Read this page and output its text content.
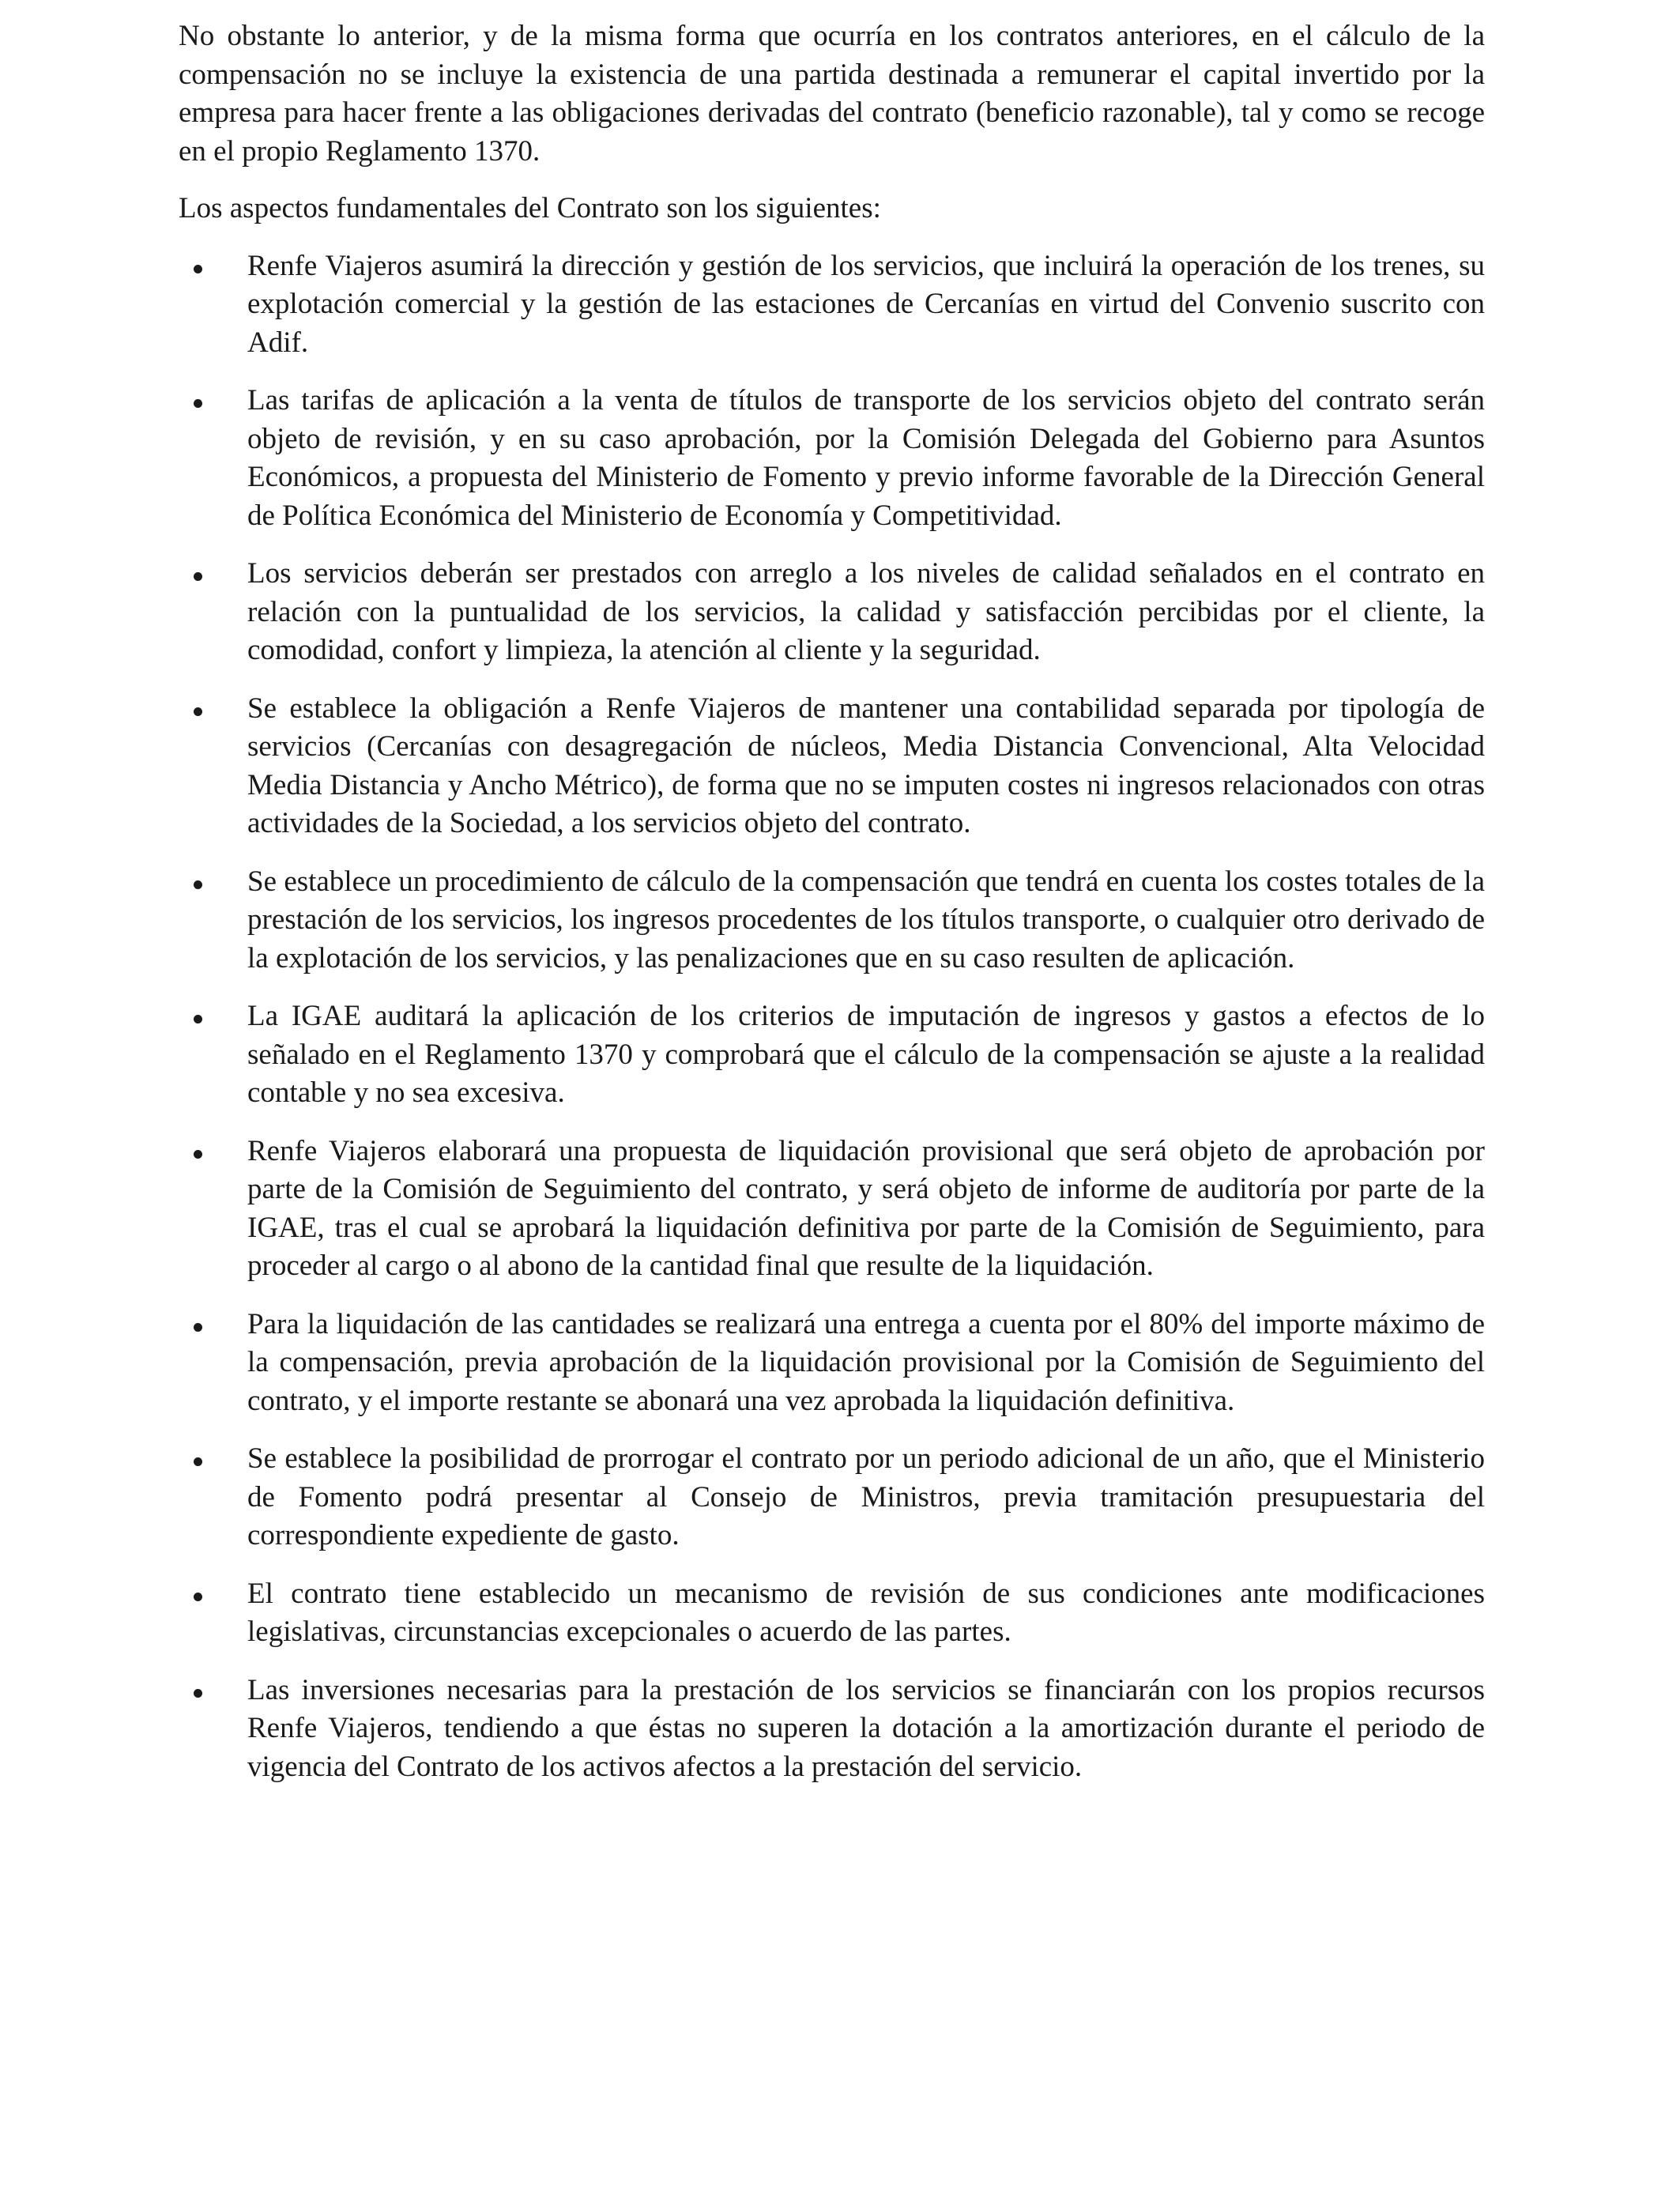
No obstante lo anterior, y de la misma forma que ocurría en los contratos anteriores, en el cálculo de la compensación no se incluye la existencia de una partida destinada a remunerar el capital invertido por la empresa para hacer frente a las obligaciones derivadas del contrato (beneficio razonable), tal y como se recoge en el propio Reglamento 1370.

Los aspectos fundamentales del Contrato son los siguientes:

Renfe Viajeros asumirá la dirección y gestión de los servicios, que incluirá la operación de los trenes, su explotación comercial y la gestión de las estaciones de Cercanías en virtud del Convenio suscrito con Adif.
Las tarifas de aplicación a la venta de títulos de transporte de los servicios objeto del contrato serán objeto de revisión, y en su caso aprobación, por la Comisión Delegada del Gobierno para Asuntos Económicos, a propuesta del Ministerio de Fomento y previo informe favorable de la Dirección General de Política Económica del Ministerio de Economía y Competitividad.
Los servicios deberán ser prestados con arreglo a los niveles de calidad señalados en el contrato en relación con la puntualidad de los servicios, la calidad y satisfacción percibidas por el cliente, la comodidad, confort y limpieza, la atención al cliente y la seguridad.
Se establece la obligación a Renfe Viajeros de mantener una contabilidad separada por tipología de servicios (Cercanías con desagregación de núcleos, Media Distancia Convencional, Alta Velocidad Media Distancia y Ancho Métrico), de forma que no se imputen costes ni ingresos relacionados con otras actividades de la Sociedad, a los servicios objeto del contrato.
Se establece un procedimiento de cálculo de la compensación que tendrá en cuenta los costes totales de la prestación de los servicios, los ingresos procedentes de los títulos transporte, o cualquier otro derivado de la explotación de los servicios, y las penalizaciones que en su caso resulten de aplicación.
La IGAE auditará la aplicación de los criterios de imputación de ingresos y gastos a efectos de lo señalado en el Reglamento 1370 y comprobará que el cálculo de la compensación se ajuste a la realidad contable y no sea excesiva.
Renfe Viajeros elaborará una propuesta de liquidación provisional que será objeto de aprobación por parte de la Comisión de Seguimiento del contrato, y será objeto de informe de auditoría por parte de la IGAE, tras el cual se aprobará la liquidación definitiva por parte de la Comisión de Seguimiento, para proceder al cargo o al abono de la cantidad final que resulte de la liquidación.
Para la liquidación de las cantidades se realizará una entrega a cuenta por el 80% del importe máximo de la compensación, previa aprobación de la liquidación provisional por la Comisión de Seguimiento del contrato, y el importe restante se abonará una vez aprobada la liquidación definitiva.
Se establece la posibilidad de prorrogar el contrato por un periodo adicional de un año, que el Ministerio de Fomento podrá presentar al Consejo de Ministros, previa tramitación presupuestaria del correspondiente expediente de gasto.
El contrato tiene establecido un mecanismo de revisión de sus condiciones ante modificaciones legislativas, circunstancias excepcionales o acuerdo de las partes.
Las inversiones necesarias para la prestación de los servicios se financiarán con los propios recursos Renfe Viajeros, tendiendo a que éstas no superen la dotación a la amortización durante el periodo de vigencia del Contrato de los activos afectos a la prestación del servicio.
